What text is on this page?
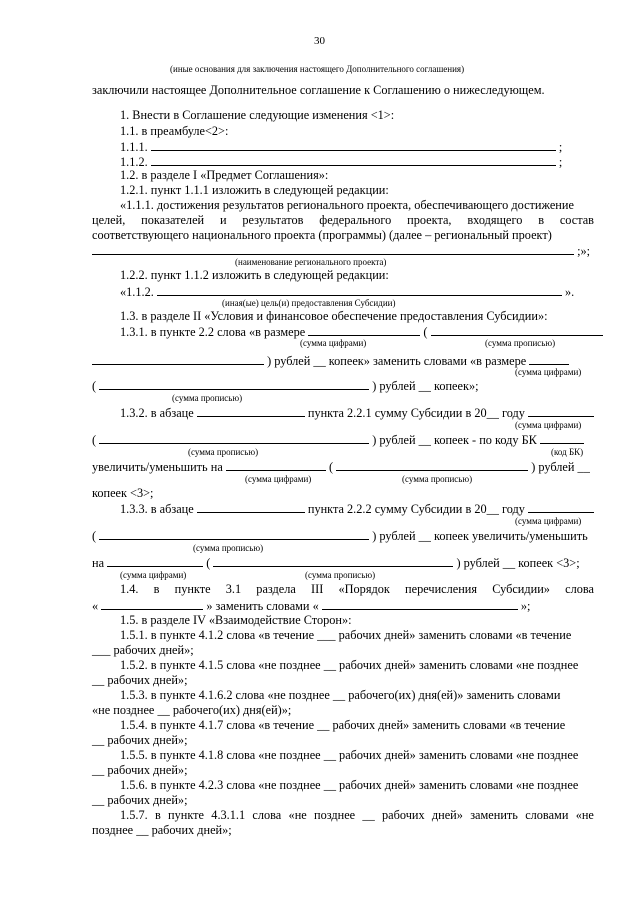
30
(иные основания для заключения настоящего Дополнительного соглашения)
заключили настоящее Дополнительное соглашение к Соглашению о нижеследующем.
1. Внести в Соглашение следующие изменения <1>:
1.1. в преамбуле<2>:
1.1.1.	;
1.1.2.	;
1.2. в разделе I «Предмет Соглашения»:
1.2.1. пункт 1.1.1 изложить в следующей редакции:
«1.1.1. достижения результатов регионального проекта, обеспечивающего достижение
целей, показателей и результатов федерального проекта, входящего в состав
соответствующего национального проекта (программы) (далее – региональный проект)
;»;
(наименование регионального проекта)
1.2.2. пункт 1.1.2 изложить в следующей редакции:
«1.1.2.	».
(иная(ые) цель(и) предоставления Субсидии)
1.3. в разделе II «Условия и финансовое обеспечение предоставления Субсидии»:
1.3.1. в пункте 2.2 слова «в размере	(
(сумма цифрами)	(сумма прописью)
) рублей __ копеек» заменить словами «в размере
(сумма цифрами)
(	) рублей __ копеек»;
(сумма прописью)
1.3.2. в абзаце	пункта 2.2.1 сумму Субсидии в 20__ году
(сумма цифрами)
(	) рублей __ копеек - по коду БК
(сумма прописью)	(код БК)
увеличить/уменьшить на	(	) рублей __
(сумма цифрами)	(сумма прописью)
копеек <3>;
1.3.3. в абзаце	пункта 2.2.2 сумму Субсидии в 20__ году
(сумма цифрами)
(	) рублей __ копеек увеличить/уменьшить
(сумма прописью)
на	(	) рублей __ копеек <3>;
(сумма цифрами)	(сумма прописью)
1.4. в пункте 3.1 раздела III «Порядок перечисления Субсидии» слова
«	» заменить словами «	»;
1.5. в разделе IV «Взаимодействие Сторон»:
1.5.1. в пункте 4.1.2 слова «в течение ___ рабочих дней» заменить словами «в течение
___ рабочих дней»;
1.5.2. в пункте 4.1.5 слова «не позднее __ рабочих дней» заменить словами «не позднее
__ рабочих дней»;
1.5.3. в пункте 4.1.6.2 слова «не позднее __ рабочего(их) дня(ей)» заменить словами
«не позднее __ рабочего(их) дня(ей)»;
1.5.4. в пункте 4.1.7 слова «в течение __ рабочих дней» заменить словами «в течение
__ рабочих дней»;
1.5.5. в пункте 4.1.8 слова «не позднее __ рабочих дней» заменить словами «не позднее
__ рабочих дней»;
1.5.6. в пункте 4.2.3 слова «не позднее __ рабочих дней» заменить словами «не позднее
__ рабочих дней»;
1.5.7. в пункте 4.3.1.1 слова «не позднее __ рабочих дней» заменить словами «не
позднее __ рабочих дней»;
